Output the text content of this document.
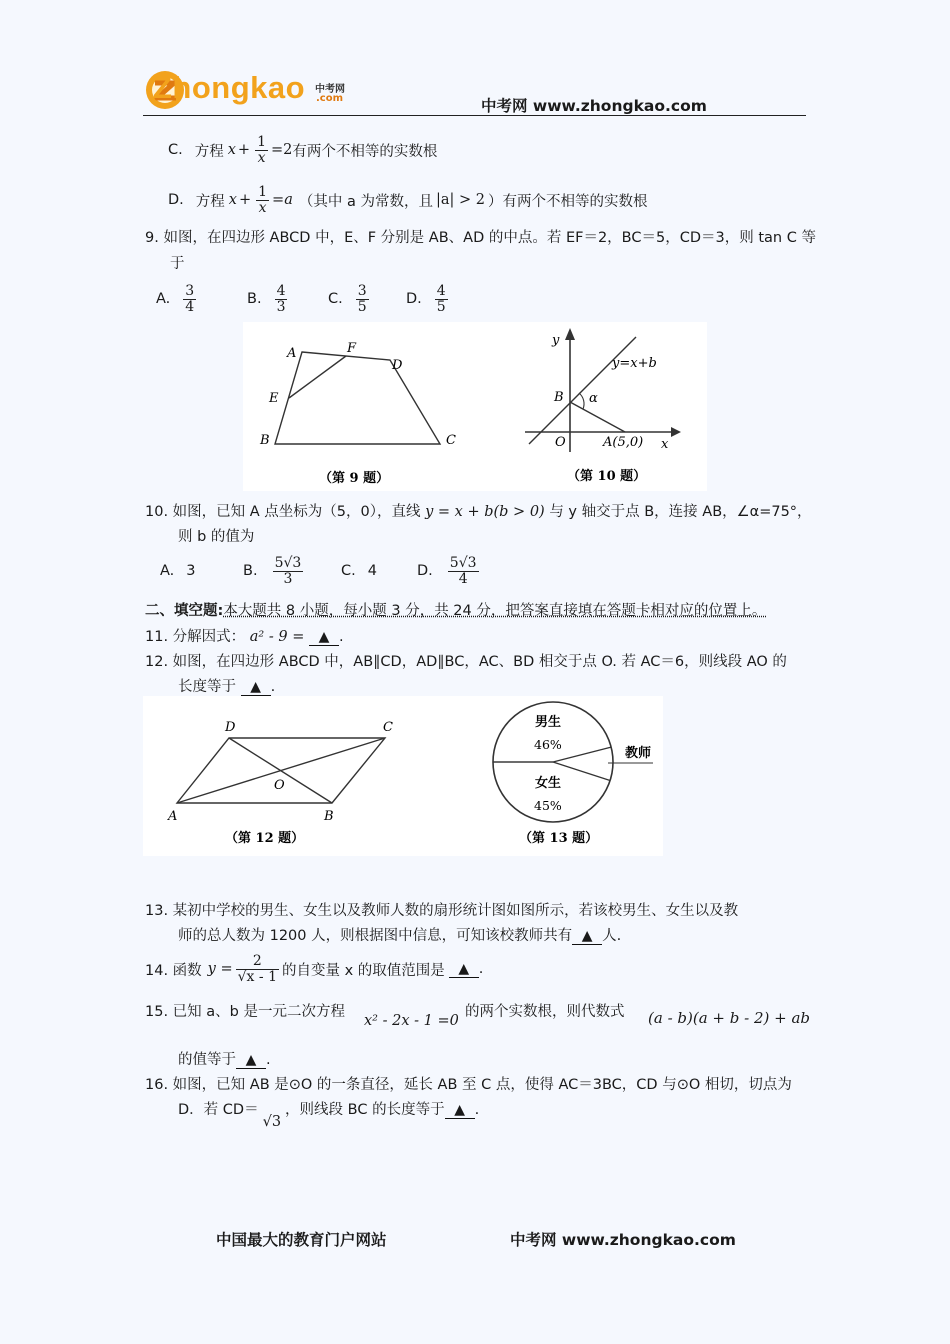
Zhongkao 中考网
.com	中考网 www.zhongkao.com
C. 方程 $x + \frac{1}{x} =2$ 有两个不相等的实数根
D. 方程 $x + \frac{1}{x} =a$ （其中 a 为常数，且 |a| > 2 ）有两个不相等的实数根
9. 如图，在四边形 ABCD 中，E、F 分别是 AB、AD 的中点。若 EF＝2，BC＝5，CD＝3，则 tan C 等
于
A. $\frac{3}{4}$	B. $\frac{4}{3}$	C. $\frac{3}{5}$	D. $\frac{4}{5}$
A	F
D
E
B	C
（第 9 题）
y
y=x+b
B α
O	A(5,0) x
（第 10 题）
10. 如图，已知 A 点坐标为（5，0），直线 y = x + b(b > 0) 与 y 轴交于点 B，连接 AB，∠α=75°，
则 b 的值为
A. 3	B. $\frac{5√3}{3}$	C. 4	D. $\frac{5√3}{4}$
二、填空题:本大题共 8 小题，每小题 3 分，共 24 分，把答案直接填在答题卡相对应的位置上。
11. 分解因式： a² - 9 = ▲ .
12. 如图，在四边形 ABCD 中，AB∥CD，AD∥BC，AC、BD 相交于点 O. 若 AC＝6，则线段 AO 的
长度等于 ▲ .
D	C
O
A	B
（第 12 题）
男生
46%
女生
45%
教师
（第 13 题）
13. 某初中学校的男生、女生以及教师人数的扇形统计图如图所示，若该校男生、女生以及教
师的总人数为 1200 人，则根据图中信息，可知该校教师共有 ▲ 人.
14. 函数 $y = \frac{2}{√x - 1}$ 的自变量 x 的取值范围是 ▲ .
15. 已知 a、b 是一元二次方程
x² - 2x - 1 =0
的两个实数根，则代数式 (a - b)(a + b - 2) + ab
的值等于 ▲ .
16. 如图，已知 AB 是⊙O 的一条直径，延长 AB 至 C 点，使得 AC＝3BC，CD 与⊙O 相切，切点为
D．若 CD＝√3，则线段 BC 的长度等于 ▲ .
中国最大的教育门户网站	中考网 www.zhongkao.com
